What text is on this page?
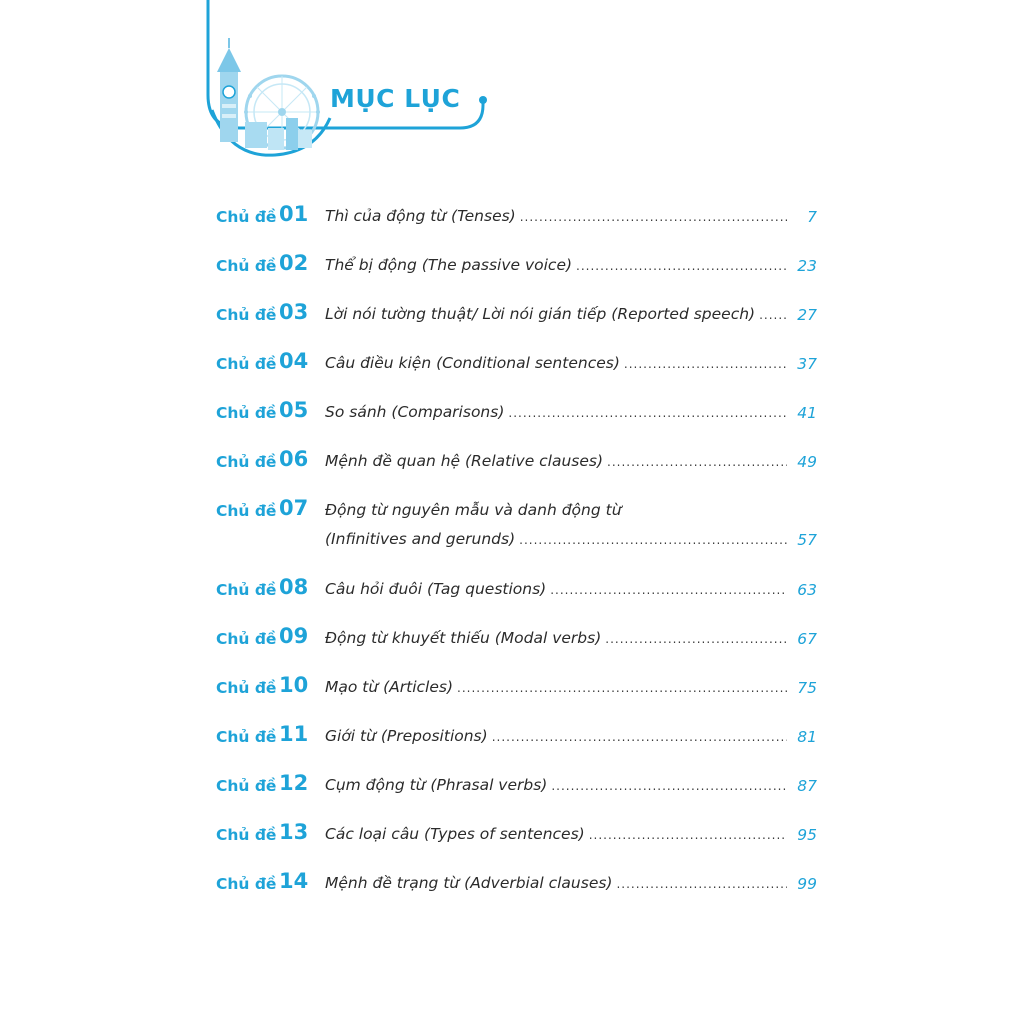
MỤC LỤC
Chủ đề 01 Thì của động từ (Tenses) .....	7
Chủ đề 02 Thể bị động (The passive voice) .....	23
Chủ đề 03 Lời nói tường thuật/ Lời nói gián tiếp (Reported speech) .....	27
Chủ đề 04 Câu điều kiện (Conditional sentences) .....	37
Chủ đề 05 So sánh (Comparisons) .....	41
Chủ đề 06 Mệnh đề quan hệ (Relative clauses) .....	49
Chủ đề 07 Động từ nguyên mẫu và danh động từ
(Infinitives and gerunds) .....	57
Chủ đề 08 Câu hỏi đuôi (Tag questions) .....	63
Chủ đề 09 Động từ khuyết thiếu (Modal verbs) .....	67
Chủ đề 10 Mạo từ (Articles) .....	75
Chủ đề 11 Giới từ (Prepositions) .....	81
Chủ đề 12 Cụm động từ (Phrasal verbs) .....	87
Chủ đề 13 Các loại câu (Types of sentences) .....	95
Chủ đề 14 Mệnh đề trạng từ (Adverbial clauses) .....	99
